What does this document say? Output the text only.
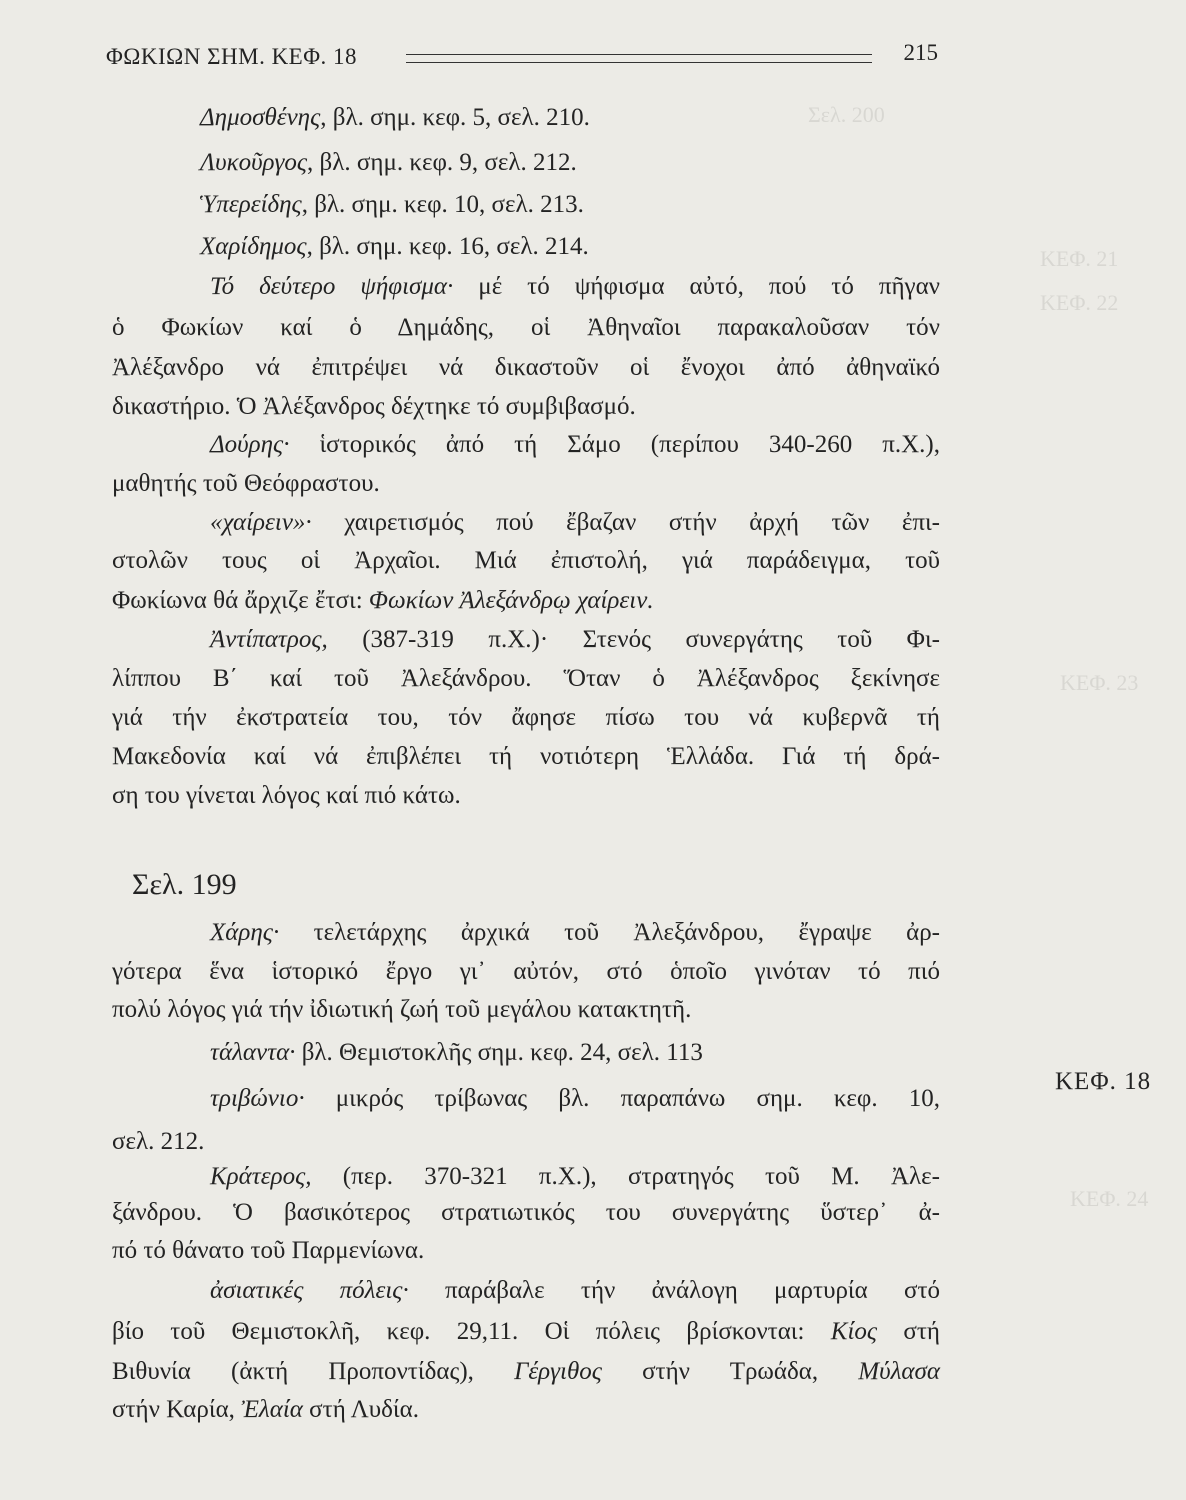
Σελ. 200
ΚΕΦ. 21
ΚΕΦ. 22
ΚΕΦ. 23
ΚΕΦ. 24
ΦΩΚΙΩΝ ΣΗΜ. ΚΕΦ. 18	215
Δημοσθένης, βλ. σημ. κεφ. 5, σελ. 210.
Λυκοῦργος, βλ. σημ. κεφ. 9, σελ. 212.
Ὑπερείδης, βλ. σημ. κεφ. 10, σελ. 213.
Χαρίδημος, βλ. σημ. κεφ. 16, σελ. 214.
Τό δεύτερο ψήφισμα· μέ τό ψήφισμα αὐτό, πού τό πῆγαν
ὁ Φωκίων καί ὁ Δημάδης, οἱ Ἀθηναῖοι παρακαλοῦσαν τόν
Ἀλέξανδρο νά ἐπιτρέψει νά δικαστοῦν οἱ ἔνοχοι ἀπό ἀθηναϊκό
δικαστήριο. Ὁ Ἀλέξανδρος δέχτηκε τό συμβιβασμό.
Δούρης· ἱστορικός ἀπό τή Σάμο (περίπου 340-260 π.Χ.),
μαθητής τοῦ Θεόφραστου.
«χαίρειν»· χαιρετισμός πού ἔβαζαν στήν ἀρχή τῶν ἐπι-
στολῶν τους οἱ Ἀρχαῖοι. Μιά ἐπιστολή, γιά παράδειγμα, τοῦ
Φωκίωνα θά ἄρχιζε ἔτσι: Φωκίων Ἀλεξάνδρῳ χαίρειν.
Ἀντίπατρος, (387-319 π.Χ.)· Στενός συνεργάτης τοῦ Φι-
λίππου Β΄ καί τοῦ Ἀλεξάνδρου. Ὅταν ὁ Ἀλέξανδρος ξεκίνησε
γιά τήν ἐκστρατεία του, τόν ἄφησε πίσω του νά κυβερνᾶ τή
Μακεδονία καί νά ἐπιβλέπει τή νοτιότερη Ἑλλάδα. Γιά τή δρά-
ση του γίνεται λόγος καί πιό κάτω.
Σελ. 199
Χάρης· τελετάρχης ἀρχικά τοῦ Ἀλεξάνδρου, ἔγραψε ἀρ-
γότερα ἕνα ἱστορικό ἔργο γι᾽ αὐτόν, στό ὁποῖο γινόταν τό πιό
πολύ λόγος γιά τήν ἰδιωτική ζωή τοῦ μεγάλου κατακτητῆ.
τάλαντα· βλ. Θεμιστοκλῆς σημ. κεφ. 24, σελ. 113
τριβώνιο· μικρός τρίβωνας βλ. παραπάνω σημ. κεφ. 10,
σελ. 212.
ΚΕΦ. 18
Κράτερος, (περ. 370-321 π.Χ.), στρατηγός τοῦ Μ. Ἀλε-
ξάνδρου. Ὁ βασικότερος στρατιωτικός του συνεργάτης ὕστερ᾽ ἀ-
πό τό θάνατο τοῦ Παρμενίωνα.
ἀσιατικές πόλεις· παράβαλε τήν ἀνάλογη μαρτυρία στό
βίο τοῦ Θεμιστοκλῆ, κεφ. 29,11. Οἱ πόλεις βρίσκονται: Κίος στή
Βιθυνία (ἀκτή Προποντίδας), Γέργιθος στήν Τρωάδα, Μύλασα
στήν Καρία, Ἐλαία στή Λυδία.
